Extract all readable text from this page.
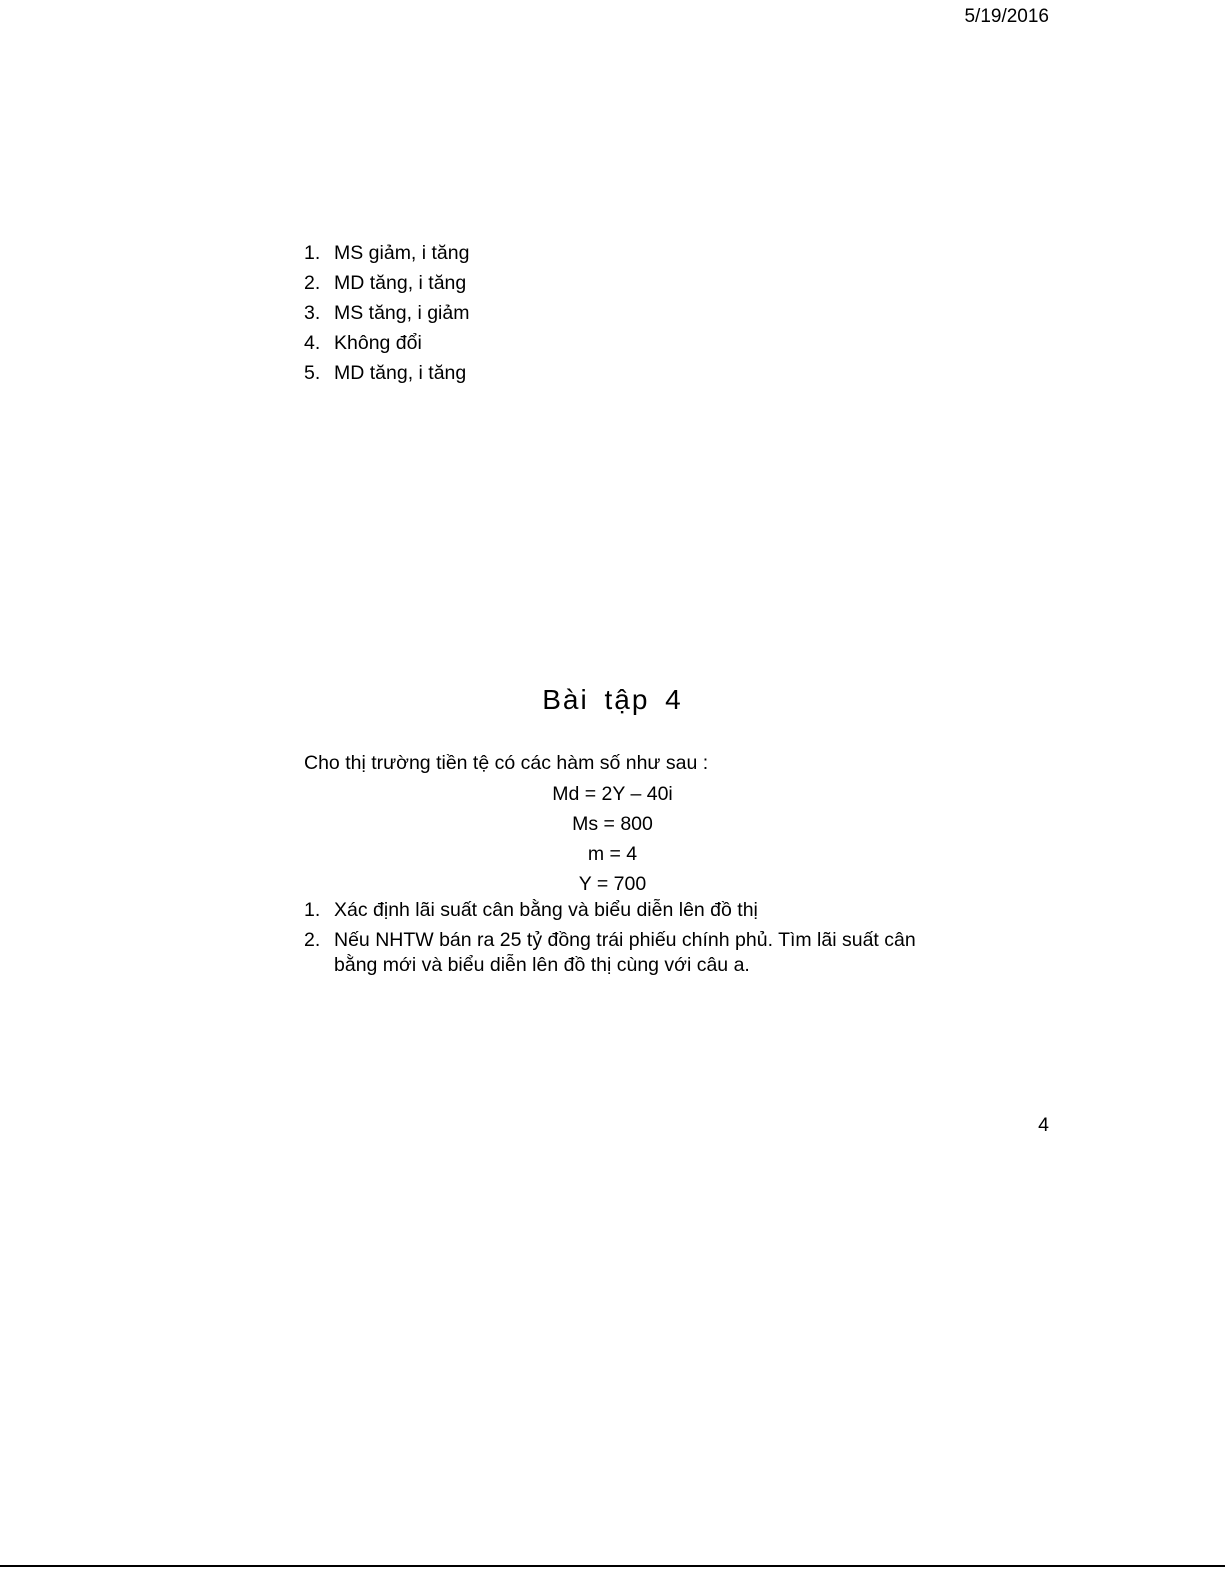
5/19/2016
1. MS giảm, i tăng
2. MD tăng, i tăng
3. MS tăng, i giảm
4. Không đổi
5. MD tăng, i tăng
Bài tập 4
Cho thị trường tiền tệ có các hàm số như sau :
Md = 2Y – 40i
Ms = 800
m = 4
Y = 700
1. Xác định lãi suất cân bằng và biểu diễn lên đồ thị
2. Nếu NHTW bán ra 25 tỷ đồng trái phiếu chính phủ. Tìm lãi suất cân bằng mới và biểu diễn lên đồ thị cùng với câu a.
4
